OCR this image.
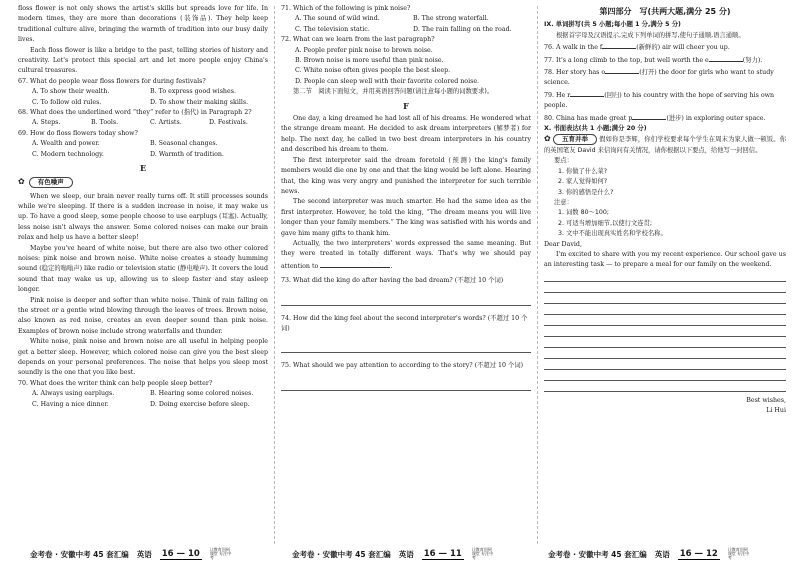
floss flower is not only shows the artist's skills but spreads love for life. In modern times, they are more than decorations (装饰品). They help keep traditional culture alive, bringing the warmth of tradition into our busy daily lives.

Each floss flower is like a bridge to the past, telling stories of history and creativity. Let's protect this special art and let more people enjoy China's cultural treasures.

67. What do people wear floss flowers for during festivals?

A. To show their wealth.	B. To express good wishes.
C. To follow old rules.	D. To show their making skills.

68. What does the underlined word “they” refer to (指代) in Paragraph 2?

A. Steps.	B. Tools.	C. Artists.	D. Festivals.

69. How do floss flowers today show?

A. Wealth and power.	B. Seasonal changes.
C. Modern technology.	D. Warmth of tradition.
E
✿	有色噪声

When we sleep, our brain never really turns off. It still processes sounds while we're sleeping. If there is a sudden increase in noise, it may wake us up. To have a good sleep, some people choose to use earplugs (耳塞). Actually, less noise isn't always the answer. Some colored noises can make our brain relax and help us have a better sleep!

Maybe you've heard of white noise, but there are also two other colored noises: pink noise and brown noise. White noise creates a steady humming sound (稳定的嗡嗡声) like radio or television static (静电噪声). It covers the loud sound that may wake us up, allowing us to sleep faster and stay asleep longer.

Pink noise is deeper and softer than white noise. Think of rain falling on the street or a gentle wind blowing through the leaves of trees. Brown noise, also known as red noise, creates an even deeper sound than pink noise. Examples of brown noise include strong waterfalls and thunder.

White noise, pink noise and brown noise are all useful in helping people get a better sleep. However, which colored noise can give you the best sleep depends on your personal preferences. The noise that helps you sleep most soundly is the one that you like best.

70. What does the writer think can help people sleep better?

A. Always using earplugs.	B. Hearing some colored noises.
C. Having a nice dinner.	D. Doing exercise before sleep.

71. Which of the following is pink noise?

A. The sound of wild wind.	B. The strong waterfall.
C. The television static.	D. The rain falling on the road.

72. What can we learn from the last paragraph?

A. People prefer pink noise to brown noise.

B. Brown noise is more useful than pink noise.

C. White noise often gives people the best sleep.

D. People can sleep well with their favorite colored noise.

第二节　阅读下面短文，并用英语回答问题(请注意每小题的词数要求)。

F

One day, a king dreamed he had lost all of his dreams. He wondered what the strange dream meant. He decided to ask dream interpreters (解梦者) for help. The next day, he called in two best dream interpreters in his country and described his dream to them.

The first interpreter said the dream foretold (预测) the king's family members would die one by one and that the king would be left alone. Hearing that, the king was very angry and punished the interpreter for such terrible news.

The second interpreter was much smarter. He had the same idea as the first interpreter. However, he told the king, “The dream means you will live longer than your family members.” The king was satisfied with his words and gave him many gifts to thank him.

Actually, the two interpreters' words expressed the same meaning. But they were treated in totally different ways. That's why we should pay attention to	.

73. What did the king do after having the bad dream? (不超过 10 个词)

74. How did the king feel about the second interpreter's words? (不超过 10 个词)

75. What should we pay attention to according to the story? (不超过 10 个词)

第四部分　写(共两大题,满分 25 分)

IX. 单词拼写(共 5 小题;每小题 1 分,满分 5 分)

根据首字母及汉语提示,完成下列单词的拼写,使句子通顺,语言通顺。

76. A walk in the f	(新鲜的) air will cheer you up.

77. It's a long climb to the top, but well worth the e	(努力).

78. Her story has o	(打开) the door for girls who want to study science.

79. He r	(回归) to his country with the hope of serving his own people.

80. China has made great p	(进步) in exploring outer space.

X. 书面表达(共 1 小题;满分 20 分)

✿ 五育并举 假如你是李辉，你们学校要求每个学生在周末为家人做一顿饭。你的英国笔友 David 来信询问有关情况，请你根据以下要点，给他写一封回信。

要点：

1. 你做了什么菜?

2. 家人觉得如何?

3. 你的感悟是什么?

注意：

1. 词数 80～100;

2. 可适当增加细节,以使行文连贯;

3. 文中不能出现真实姓名和学校名称。

Dear David,

I'm excited to share with you my recent experience. Our school gave us an interesting task — to prepare a meal for our family on the weekend.

Best wishes,

Li Hui

金考卷 · 安徽中考 45 套汇编 英语 16 — 10	让教育回到课堂 专注中考	金考卷 · 安徽中考 45 套汇编 英语 16 — 11	让教育回到课堂 专注中考	金考卷 · 安徽中考 45 套汇编 英语 16 — 12	让教育回到课堂 专注中考
